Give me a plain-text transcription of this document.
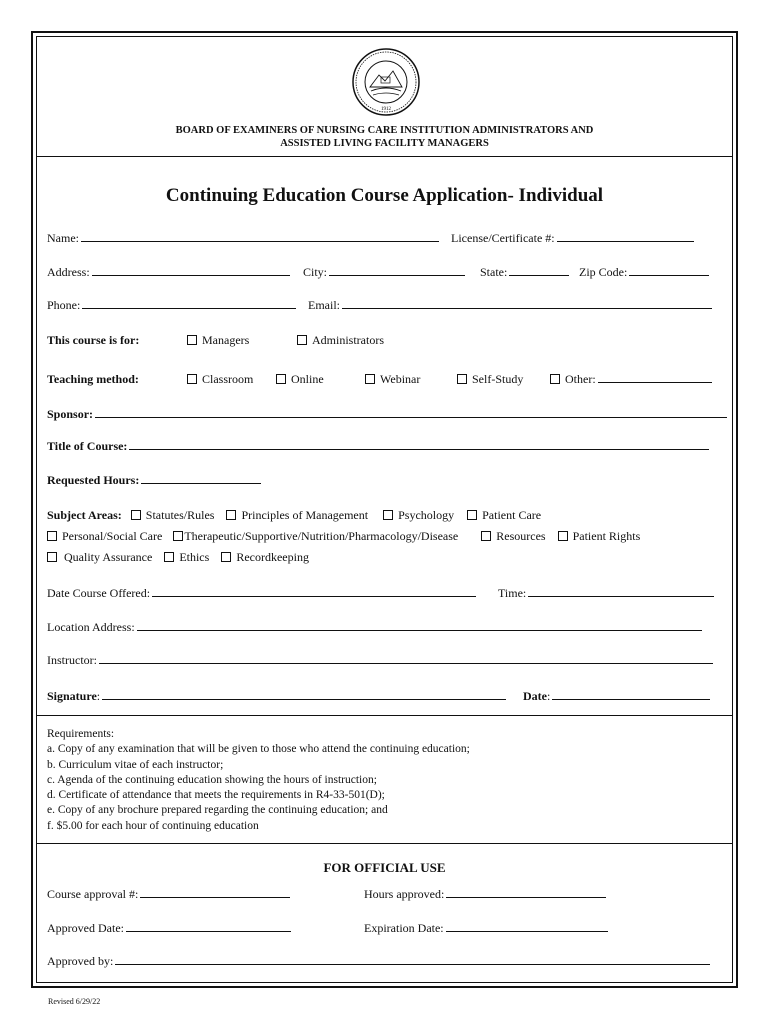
1912
BOARD OF EXAMINERS OF NURSING CARE INSTITUTION ADMINISTRATORS AND
ASSISTED LIVING FACILITY MANAGERS
Continuing Education Course Application- Individual
Name:	License/Certificate #:
Address:	City:	State:	Zip Code:
Phone:	Email:
This course is for:	Managers	Administrators
Teaching method:	Classroom	Online	Webinar	Self-Study	Other:
Sponsor:
Title of Course:
Requested Hours:
Subject Areas: Statutes/Rules Principles of Management	Psychology Patient Care
Personal/Social Care Therapeutic/Supportive/Nutrition/Pharmacology/Disease	Resources Patient Rights
Quality Assurance Ethics Recordkeeping
Date Course Offered:	Time:
Location Address:
Instructor:
Signature:	Date:
Requirements:
a. Copy of any examination that will be given to those who attend the continuing education;
b. Curriculum vitae of each instructor;
c. Agenda of the continuing education showing the hours of instruction;
d. Certificate of attendance that meets the requirements in R4-33-501(D);
e. Copy of any brochure prepared regarding the continuing education; and
f. $5.00 for each hour of continuing education
FOR OFFICIAL USE
Course approval #:	Hours approved:
Approved Date:	Expiration Date:
Approved by:
Revised 6/29/22
